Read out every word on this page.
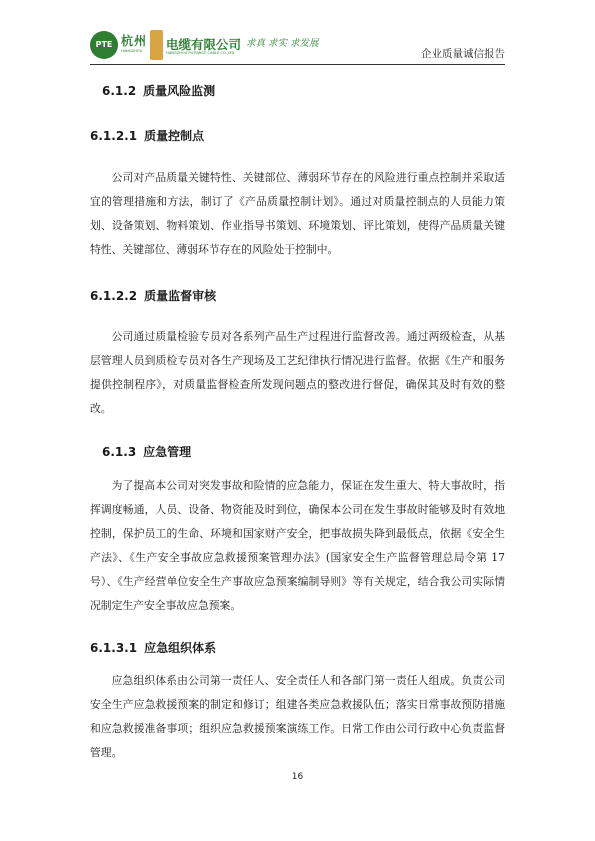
PTE 杭州
HANGZHOU 电缆有限公司
HANGZHOU PUTIANCE CABLE CO.,LTD
求真 求实 求发展
企业质量诚信报告
6.1.2 质量风险监测
6.1.2.1 质量控制点

公司对产品质量关键特性、关键部位、薄弱环节存在的风险进行重点控制并采取适宜的管理措施和方法，制订了《产品质量控制计划》。通过对质量控制点的人员能力策划、设备策划、物料策划、作业指导书策划、环境策划、评比策划，使得产品质量关键特性、关键部位、薄弱环节存在的风险处于控制中。

6.1.2.2 质量监督审核

公司通过质量检验专员对各系列产品生产过程进行监督改善。通过两级检查，从基层管理人员到质检专员对各生产现场及工艺纪律执行情况进行监督。依据《生产和服务提供控制程序》，对质量监督检查所发现问题点的整改进行督促，确保其及时有效的整改。

6.1.3 应急管理

为了提高本公司对突发事故和险情的应急能力，保证在发生重大、特大事故时，指挥调度畅通，人员、设备、物资能及时到位，确保本公司在发生事故时能够及时有效地控制，保护员工的生命、环境和国家财产安全，把事故损失降到最低点，依据《安全生产法》、《生产安全事故应急救援预案管理办法》(国家安全生产监督管理总局令第 17 号）、《生产经营单位安全生产事故应急预案编制导则》等有关规定，结合我公司实际情况制定生产安全事故应急预案。

6.1.3.1 应急组织体系

应急组织体系由公司第一责任人、安全责任人和各部门第一责任人组成。负责公司安全生产应急救援预案的制定和修订；组建各类应急救援队伍；落实日常事故预防措施和应急救援准备事项；组织应急救援预案演练工作。日常工作由公司行政中心负责监督管理。

16
